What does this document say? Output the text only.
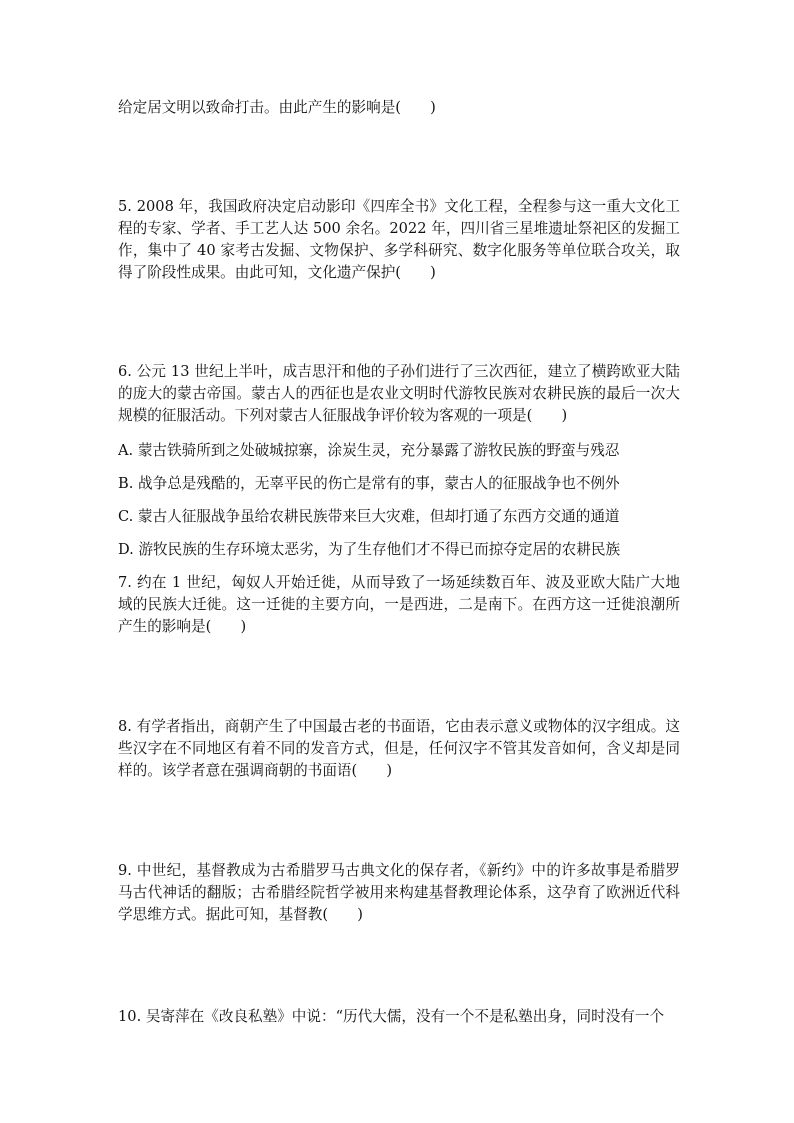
给定居文明以致命打击。由此产生的影响是(　　)
5. 2008 年，我国政府决定启动影印《四库全书》文化工程，全程参与这一重大文化工程的专家、学者、手工艺人达 500 余名。2022 年，四川省三星堆遗址祭祀区的发掘工作，集中了 40 家考古发掘、文物保护、多学科研究、数字化服务等单位联合攻关，取得了阶段性成果。由此可知，文化遗产保护(　　)
6. 公元 13 世纪上半叶，成吉思汗和他的子孙们进行了三次西征，建立了横跨欧亚大陆的庞大的蒙古帝国。蒙古人的西征也是农业文明时代游牧民族对农耕民族的最后一次大规模的征服活动。下列对蒙古人征服战争评价较为客观的一项是(　　)
A. 蒙古铁骑所到之处破城掠寨，涂炭生灵，充分暴露了游牧民族的野蛮与残忍
B. 战争总是残酷的，无辜平民的伤亡是常有的事，蒙古人的征服战争也不例外
C. 蒙古人征服战争虽给农耕民族带来巨大灾难，但却打通了东西方交通的通道
D. 游牧民族的生存环境太恶劣，为了生存他们才不得已而掠夺定居的农耕民族
7. 约在 1 世纪，匈奴人开始迁徙，从而导致了一场延续数百年、波及亚欧大陆广大地域的民族大迁徙。这一迁徙的主要方向，一是西进，二是南下。在西方这一迁徙浪潮所产生的影响是(　　)
8. 有学者指出，商朝产生了中国最古老的书面语，它由表示意义或物体的汉字组成。这些汉字在不同地区有着不同的发音方式，但是，任何汉字不管其发音如何，含义却是同样的。该学者意在强调商朝的书面语(　　)
9. 中世纪，基督教成为古希腊罗马古典文化的保存者，《新约》中的许多故事是希腊罗马古代神话的翻版；古希腊经院哲学被用来构建基督教理论体系，这孕育了欧洲近代科学思维方式。据此可知，基督教(　　)
10. 吴寄萍在《改良私塾》中说：“历代大儒，没有一个不是私塾出身，同时没有一个
